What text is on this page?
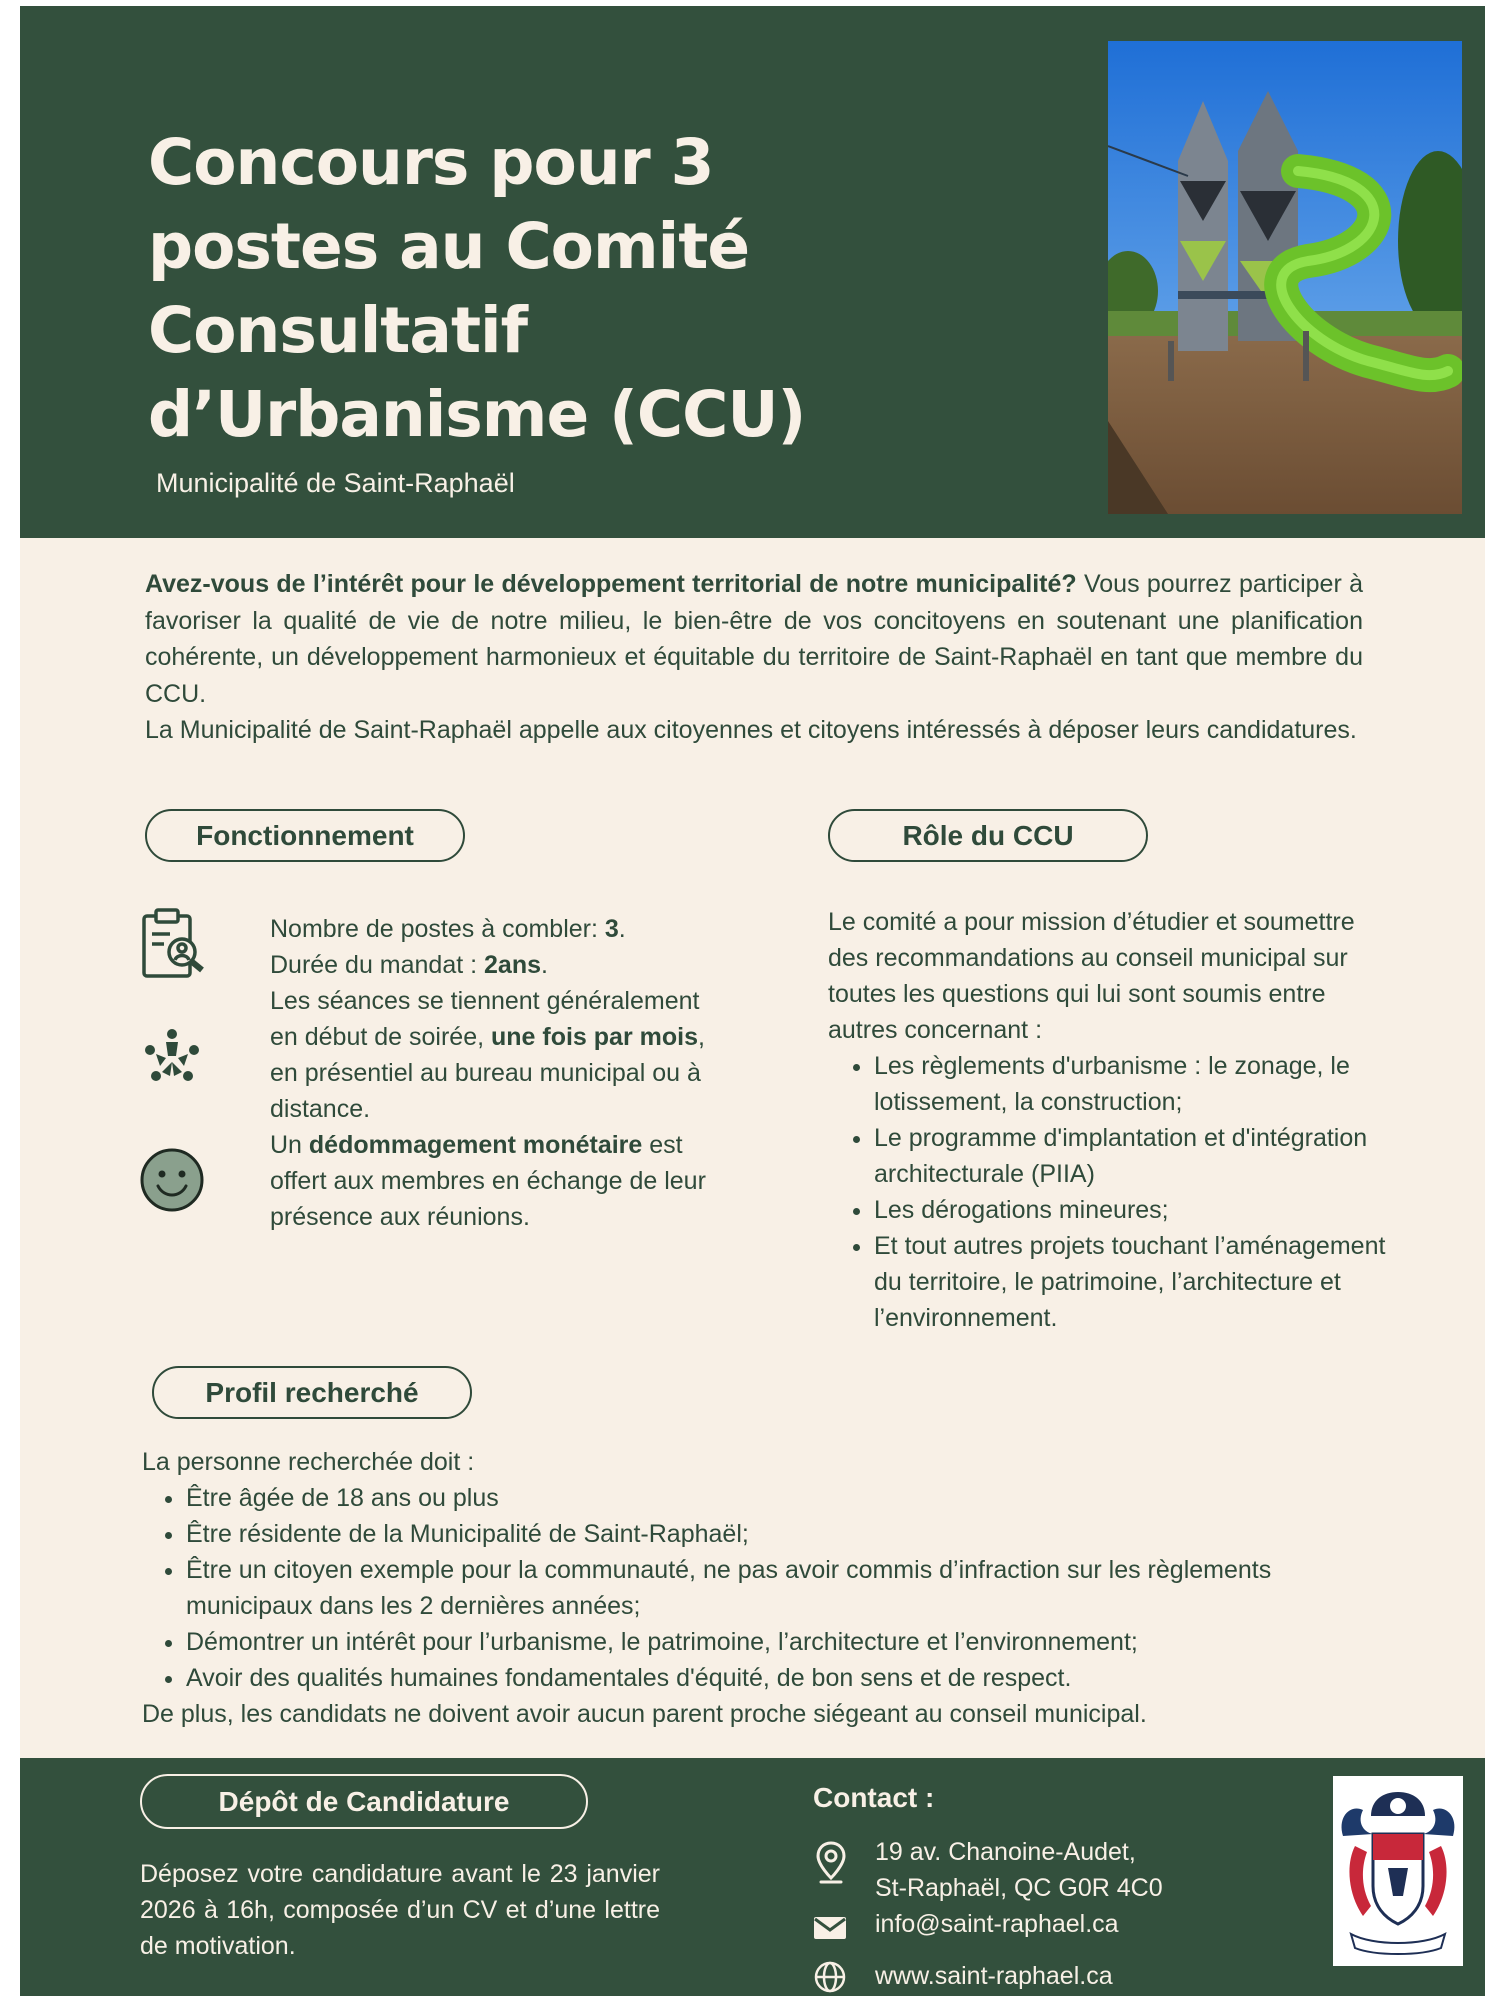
Concours pour 3
postes au Comité
Consultatif
d’Urbanisme (CCU)
Municipalité de Saint-Raphaël

Avez-vous de l’intérêt pour le développement territorial de notre municipalité? Vous pourrez participer à favoriser la qualité de vie de notre milieu, le bien-être de vos concitoyens en soutenant une planification cohérente, un développement harmonieux et équitable du territoire de Saint-Raphaël en tant que membre du CCU.

La Municipalité de Saint-Raphaël appelle aux citoyennes et citoyens intéressés à déposer leurs candidatures.

Fonctionnement	Rôle du CCU
Nombre de postes à combler: 3.
Durée du mandat : 2ans.
Les séances se tiennent généralement en début de soirée, une fois par mois, en présentiel au bureau municipal ou à distance.
Un dédommagement monétaire est offert aux membres en échange de leur présence aux réunions.
Le comité a pour mission d’étudier et soumettre des recommandations au conseil municipal sur toutes les questions qui lui sont soumis entre autres concernant :
• Les règlements d'urbanisme : le zonage, le lotissement, la construction;
• Le programme d'implantation et d'intégration architecturale (PIIA)
• Les dérogations mineures;
• Et tout autres projets touchant l’aménagement du territoire, le patrimoine, l’architecture et l’environnement.
Profil recherché
La personne recherchée doit :
• Être âgée de 18 ans ou plus
• Être résidente de la Municipalité de Saint-Raphaël;
• Être un citoyen exemple pour la communauté, ne pas avoir commis d’infraction sur les règlements municipaux dans les 2 dernières années;
• Démontrer un intérêt pour l’urbanisme, le patrimoine, l’architecture et l’environnement;
• Avoir des qualités humaines fondamentales d'équité, de bon sens et de respect.
De plus, les candidats ne doivent avoir aucun parent proche siégeant au conseil municipal.
Dépôt de Candidature
Déposez votre candidature avant le 23 janvier 2026 à 16h, composée d’un CV et d’une lettre de motivation.
Contact :
19 av. Chanoine-Audet,
St-Raphaël, QC G0R 4C0
info@saint-raphael.ca
www.saint-raphael.ca
